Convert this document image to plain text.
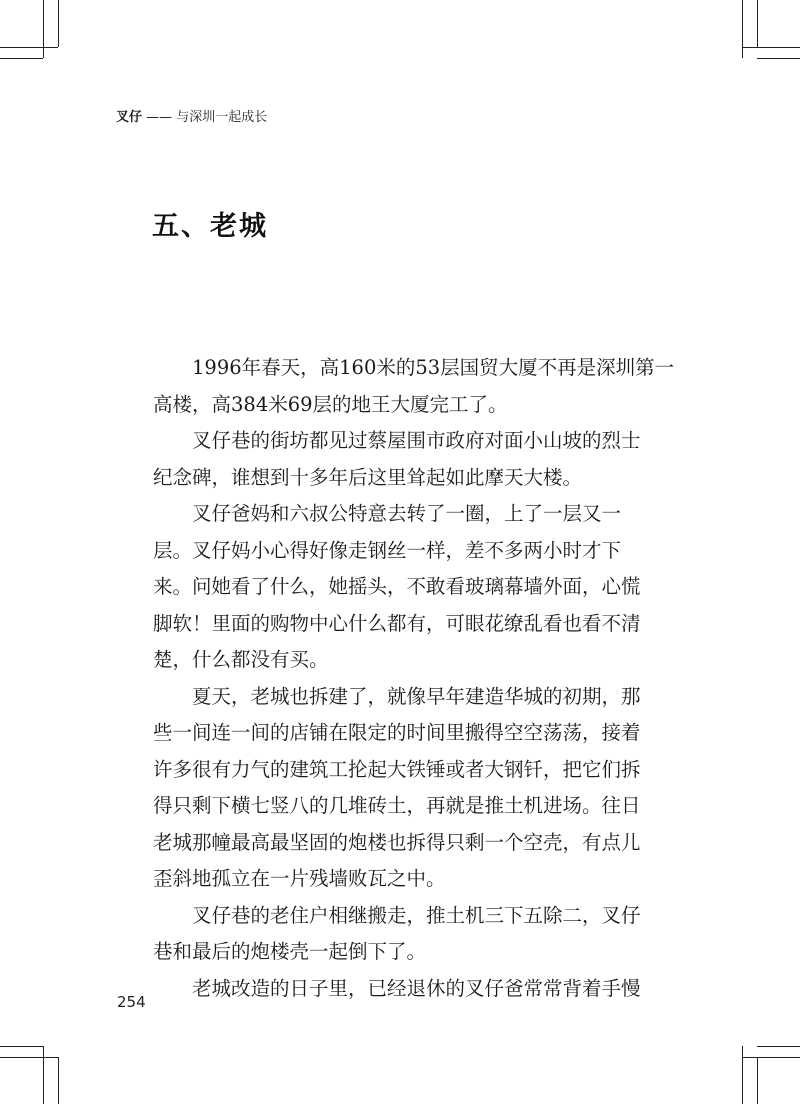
叉仔 —— 与深圳一起成长
五、老城
1996年春天，高160米的53层国贸大厦不再是深圳第一
高楼，高384米69层的地王大厦完工了。
叉仔巷的街坊都见过蔡屋围市政府对面小山坡的烈士
纪念碑，谁想到十多年后这里耸起如此摩天大楼。
叉仔爸妈和六叔公特意去转了一圈，上了一层又一
层。叉仔妈小心得好像走钢丝一样，差不多两小时才下
来。问她看了什么，她摇头，不敢看玻璃幕墙外面，心慌
脚软！里面的购物中心什么都有，可眼花缭乱看也看不清
楚，什么都没有买。
夏天，老城也拆建了，就像早年建造华城的初期，那
些一间连一间的店铺在限定的时间里搬得空空荡荡，接着
许多很有力气的建筑工抡起大铁锤或者大钢钎，把它们拆
得只剩下横七竖八的几堆砖土，再就是推土机进场。往日
老城那幢最高最坚固的炮楼也拆得只剩一个空壳，有点儿
歪斜地孤立在一片残墙败瓦之中。
叉仔巷的老住户相继搬走，推土机三下五除二，叉仔
巷和最后的炮楼壳一起倒下了。
老城改造的日子里，已经退休的叉仔爸常常背着手慢
254
